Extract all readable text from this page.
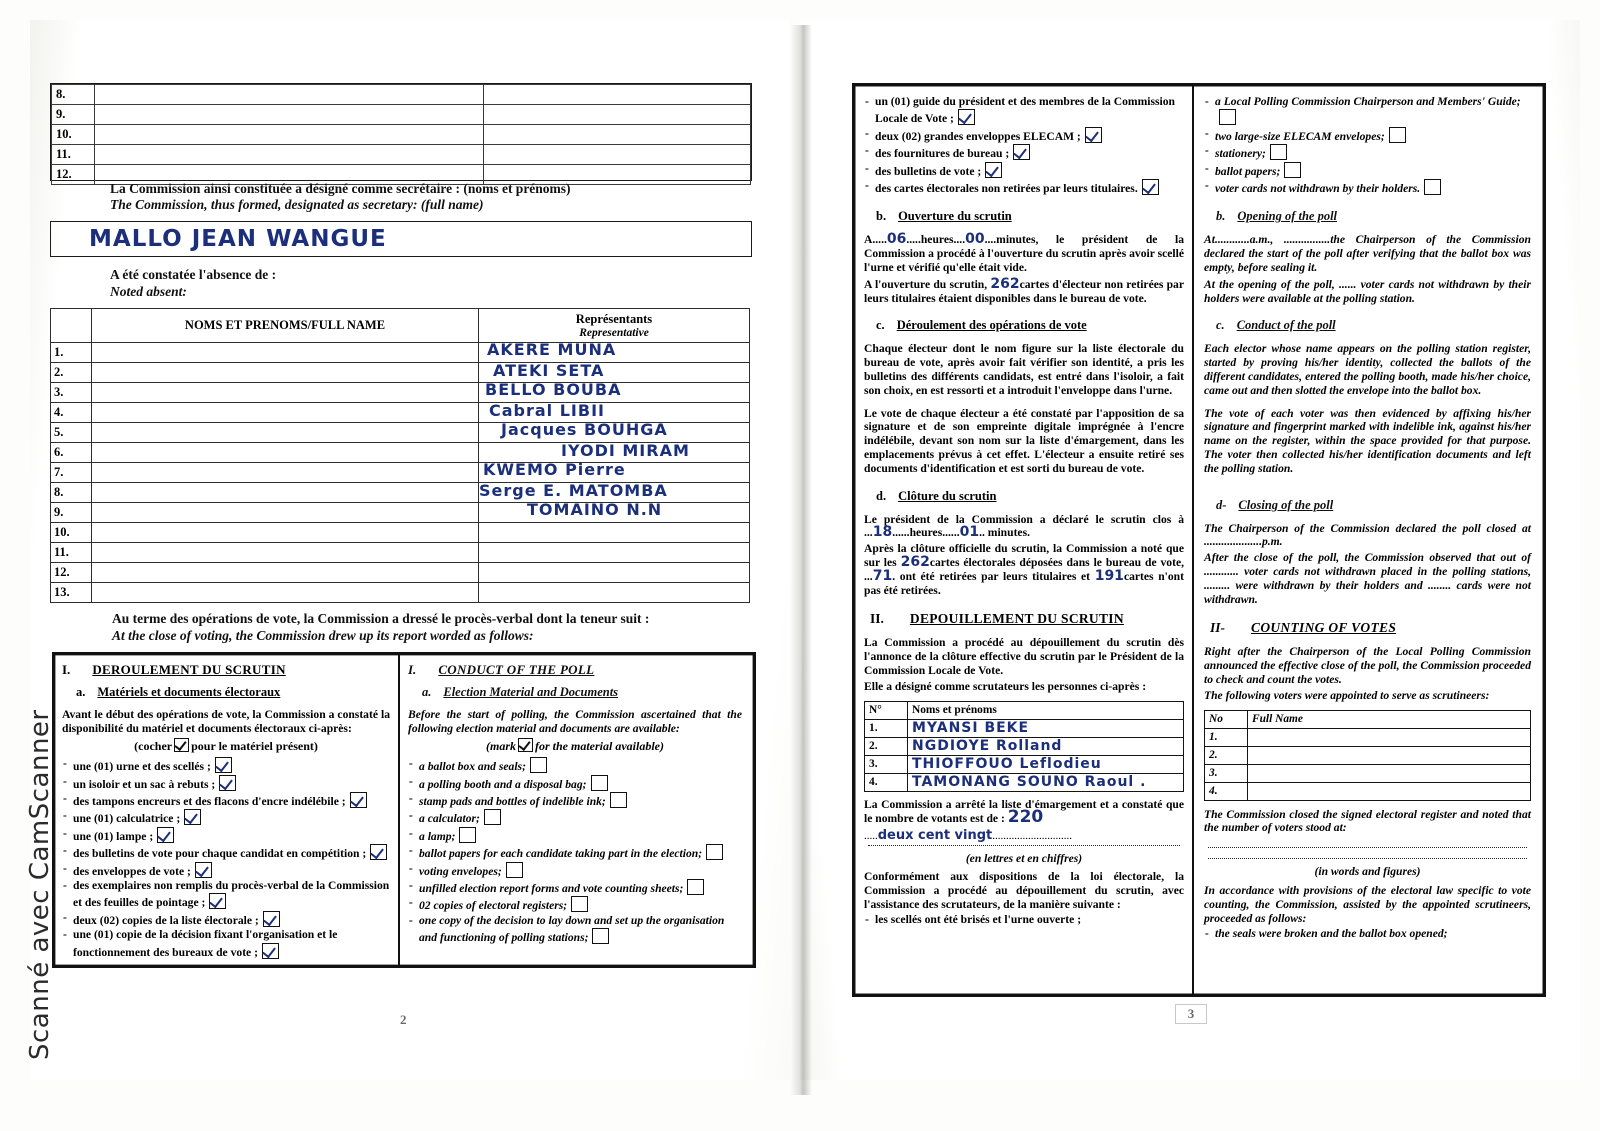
Scanné avec CamScanner
8.		
9.		
10.		
11.		
12.		
La Commission ainsi constituée a désigné comme secrétaire : (noms et prénoms)
The Commission, thus formed, designated as secretary: (full name)
MALLO JEAN WANGUE
A été constatée l'absence de :
Noted absent:
	NOMS ET PRENOMS/FULL NAME	Représentants
Representative

1.		AKERE MUNA

2.		ATEKI SETA

3.		BELLO BOUBA

4.		Cabral LIBII

5.		Jacques BOUHGA

6.		IYODI MIRAM

7.		KWEMO Pierre

8.		Serge E. MATOMBA

9.		TOMAINO N.N

10.		
11.		
12.		
13.		
Au terme des opérations de vote, la Commission a dressé le procès-verbal dont la teneur suit :
At the close of voting, the Commission drew up its report worded as follows:
I. DEROULEMENT DU SCRUTIN
a. Matériels et documents électoraux
Avant le début des opérations de vote, la Commission a constaté la disponibilité du matériel et documents électoraux ci-après:
(cocher pour le matériel présent)
- une (01) urne et des scellés ;
- un isoloir et un sac à rebuts ;
- des tampons encreurs et des flacons d'encre indélébile ;
- une (01) calculatrice ;
- une (01) lampe ;
- des bulletins de vote pour chaque candidat en compétition ;
- des enveloppes de vote ;
- des exemplaires non remplis du procès-verbal de la Commission et des feuilles de pointage ;
- deux (02) copies de la liste électorale ;
- une (01) copie de la décision fixant l'organisation et le fonctionnement des bureaux de vote ;
I. CONDUCT OF THE POLL
a. Election Material and Documents
Before the start of polling, the Commission ascertained that the following election material and documents are available:
(mark for the material available)
- a ballot box and seals;
- a polling booth and a disposal bag;
- stamp pads and bottles of indelible ink;
- a calculator;
- a lamp;
- ballot papers for each candidate taking part in the election;
- voting envelopes;
- unfilled election report forms and vote counting sheets;
- 02 copies of electoral registers;
- one copy of the decision to lay down and set up the organisation and functioning of polling stations;
2
- un (01) guide du président et des membres de la Commission Locale de Vote ;
- deux (02) grandes enveloppes ELECAM ;
- des fournitures de bureau ;
- des bulletins de vote ;
- des cartes électorales non retirées par leurs titulaires.
b. Ouverture du scrutin
A.....06.....heures....00....minutes, le président de la Commission a procédé à l'ouverture du scrutin après avoir scellé l'urne et vérifié qu'elle était vide.
A l'ouverture du scrutin, 262cartes d'électeur non retirées par leurs titulaires étaient disponibles dans le bureau de vote.
c. Déroulement des opérations de vote
Chaque électeur dont le nom figure sur la liste électorale du bureau de vote, après avoir fait vérifier son identité, a pris les bulletins des différents candidats, est entré dans l'isoloir, a fait son choix, en est ressorti et a introduit l'enveloppe dans l'urne.
Le vote de chaque électeur a été constaté par l'apposition de sa signature et de son empreinte digitale imprégnée à l'encre indélébile, devant son nom sur la liste d'émargement, dans les emplacements prévus à cet effet. L'électeur a ensuite retiré ses documents d'identification et est sorti du bureau de vote.
d. Clôture du scrutin
Le président de la Commission a déclaré le scrutin clos à ...18......heures......01.. minutes.
Après la clôture officielle du scrutin, la Commission a noté que sur les 262cartes électorales déposées dans le bureau de vote, ...71. ont été retirées par leurs titulaires et 191cartes n'ont pas été retirées.
II. DEPOUILLEMENT DU SCRUTIN
La Commission a procédé au dépouillement du scrutin dès l'annonce de la clôture effective du scrutin par le Président de la Commission Locale de Vote.
Elle a désigné comme scrutateurs les personnes ci-après :
N°	Noms et prénoms
1.	MYANSI BEKE
2.	NGDIOYE Rolland
3.	THIOFFOUO Leflodieu
4.	TAMONANG SOUNO Raoul .
La Commission a arrêté la liste d'émargement et a constaté que le nombre de votants est de : 220
.....deux cent vingt.............................
(en lettres et en chiffres)
Conformément aux dispositions de la loi électorale, la Commission a procédé au dépouillement du scrutin, avec l'assistance des scrutateurs, de la manière suivante :
- les scellés ont été brisés et l'urne ouverte ;
- a Local Polling Commission Chairperson and Members' Guide;
- two large-size ELECAM envelopes;
- stationery;
- ballot papers;
- voter cards not withdrawn by their holders.
b. Opening of the poll
At............a.m., ................the Chairperson of the Commission declared the start of the poll after verifying that the ballot box was empty, before sealing it.
At the opening of the poll, ...... voter cards not withdrawn by their holders were available at the polling station.
c. Conduct of the poll
Each elector whose name appears on the polling station register, started by proving his/her identity, collected the ballots of the different candidates, entered the polling booth, made his/her choice, came out and then slotted the envelope into the ballot box.
The vote of each voter was then evidenced by affixing his/her signature and fingerprint marked with indelible ink, against his/her name on the register, within the space provided for that purpose. The voter then collected his/her identification documents and left the polling station.
d- Closing of the poll
The Chairperson of the Commission declared the poll closed at ....................p.m.
After the close of the poll, the Commission observed that out of ............ voter cards not withdrawn placed in the polling stations, ......... were withdrawn by their holders and ........ cards were not withdrawn.
II- COUNTING OF VOTES
Right after the Chairperson of the Local Polling Commission announced the effective close of the poll, the Commission proceeded to check and count the votes.
The following voters were appointed to serve as scrutineers:
No	Full Name
1.	
2.	
3.	
4.	
The Commission closed the signed electoral register and noted that the number of voters stood at:
(in words and figures)
In accordance with provisions of the electoral law specific to vote counting, the Commission, assisted by the appointed scrutineers, proceeded as follows:
- the seals were broken and the ballot box opened;
3
